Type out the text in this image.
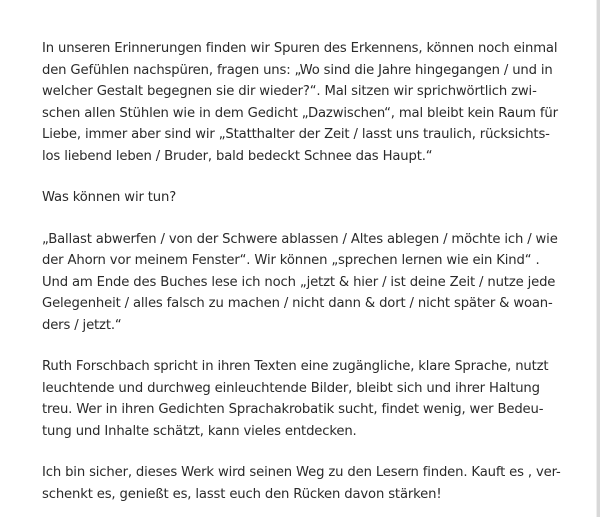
In unseren Erinnerungen finden wir Spuren des Erkennens, können noch einmal
den Gefühlen nachspüren, fragen uns: „Wo sind die Jahre hingegangen / und in
welcher Gestalt begegnen sie dir wieder?“. Mal sitzen wir sprichwörtlich zwi-
schen allen Stühlen wie in dem Gedicht „Dazwischen“, mal bleibt kein Raum für
Liebe, immer aber sind wir „Statthalter der Zeit / lasst uns traulich, rücksichts-
los liebend leben / Bruder, bald bedeckt Schnee das Haupt.“
Was können wir tun?
„Ballast abwerfen / von der Schwere ablassen / Altes ablegen / möchte ich / wie
der Ahorn vor meinem Fenster“. Wir können „sprechen lernen wie ein Kind“ .
Und am Ende des Buches lese ich noch „jetzt & hier / ist deine Zeit / nutze jede
Gelegenheit / alles falsch zu machen / nicht dann & dort / nicht später & woan-
ders / jetzt.“
Ruth Forschbach spricht in ihren Texten eine zugängliche, klare Sprache, nutzt
leuchtende und durchweg einleuchtende Bilder, bleibt sich und ihrer Haltung
treu. Wer in ihren Gedichten Sprachakrobatik sucht, findet wenig, wer Bedeu-
tung und Inhalte schätzt, kann vieles entdecken.
Ich bin sicher, dieses Werk wird seinen Weg zu den Lesern finden. Kauft es , ver-
schenkt es, genießt es, lasst euch den Rücken davon stärken!
